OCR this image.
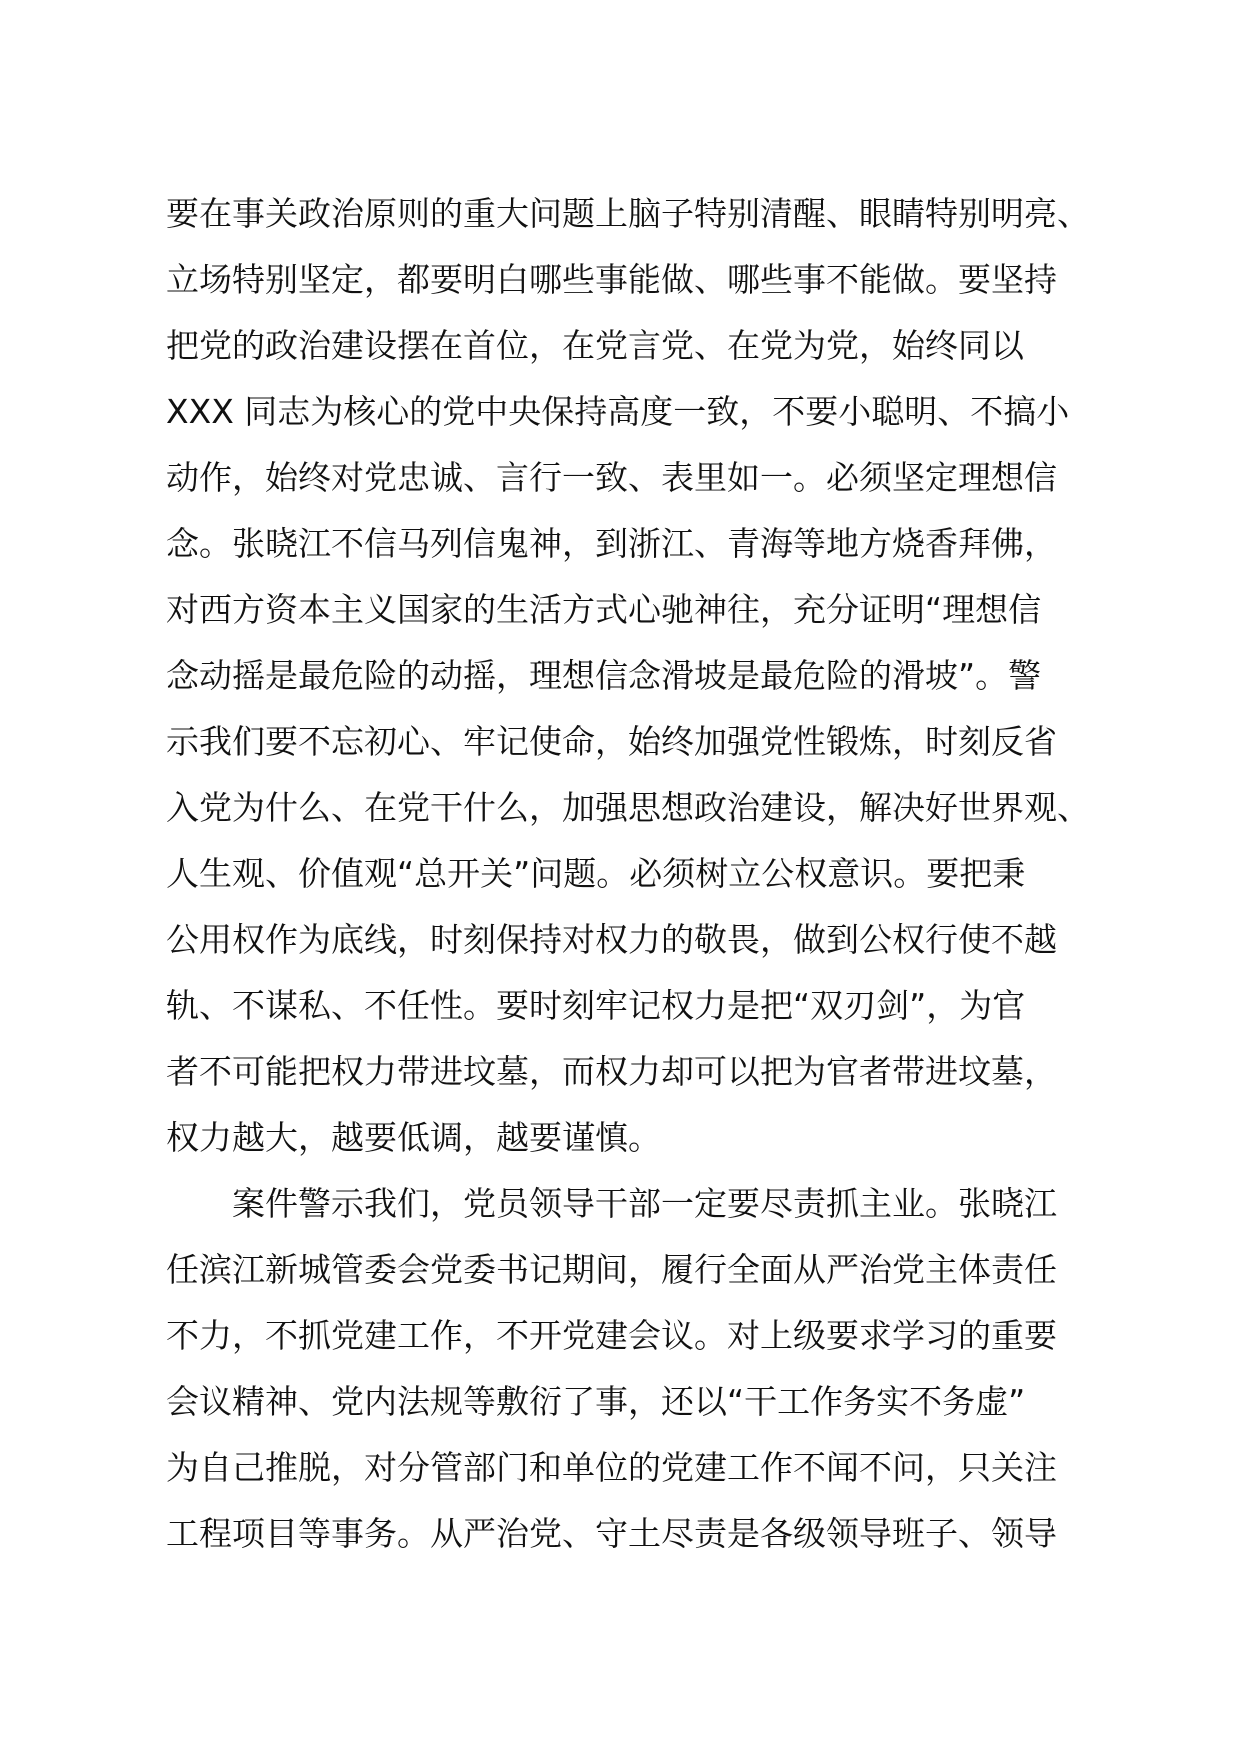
要在事关政治原则的重大问题上脑子特别清醒、眼睛特别明亮、
立场特别坚定，都要明白哪些事能做、哪些事不能做。要坚持
把党的政治建设摆在首位，在党言党、在党为党，始终同以
XXX 同志为核心的党中央保持高度一致，不要小聪明、不搞小
动作，始终对党忠诚、言行一致、表里如一。必须坚定理想信
念。张晓江不信马列信鬼神，到浙江、青海等地方烧香拜佛，
对西方资本主义国家的生活方式心驰神往，充分证明“理想信
念动摇是最危险的动摇，理想信念滑坡是最危险的滑坡”。警
示我们要不忘初心、牢记使命，始终加强党性锻炼，时刻反省
入党为什么、在党干什么，加强思想政治建设，解决好世界观、
人生观、价值观“总开关”问题。必须树立公权意识。要把秉
公用权作为底线，时刻保持对权力的敬畏，做到公权行使不越
轨、不谋私、不任性。要时刻牢记权力是把“双刃剑”，为官
者不可能把权力带进坟墓，而权力却可以把为官者带进坟墓，
权力越大，越要低调，越要谨慎。
案件警示我们，党员领导干部一定要尽责抓主业。张晓江
任滨江新城管委会党委书记期间，履行全面从严治党主体责任
不力，不抓党建工作，不开党建会议。对上级要求学习的重要
会议精神、党内法规等敷衍了事，还以“干工作务实不务虚”
为自己推脱，对分管部门和单位的党建工作不闻不问，只关注
工程项目等事务。从严治党、守土尽责是各级领导班子、领导
